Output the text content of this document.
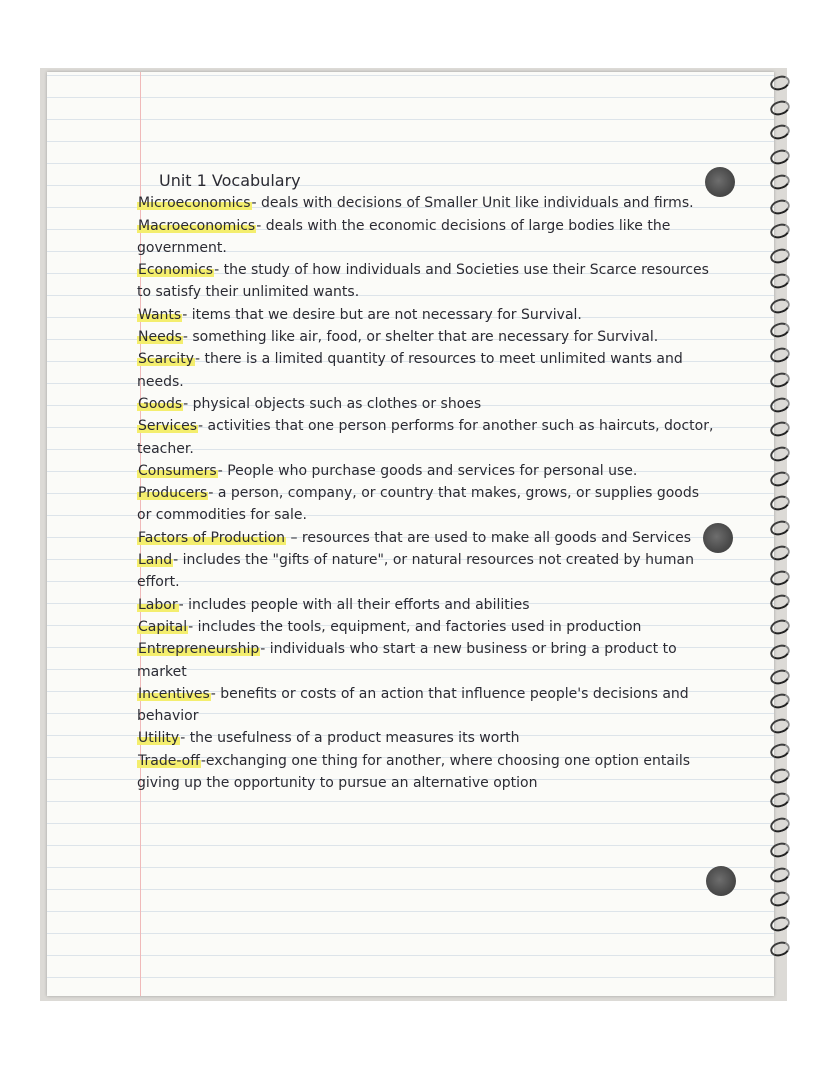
Unit 1 Vocabulary

Microeconomics- deals with decisions of Smaller Unit like individuals and firms.

Macroeconomics- deals with the economic decisions of large bodies like the government.

Economics- the study of how individuals and Societies use their Scarce resources to satisfy their unlimited wants.

Wants- items that we desire but are not necessary for Survival.

Needs- something like air, food, or shelter that are necessary for Survival.

Scarcity- there is a limited quantity of resources to meet unlimited wants and needs.

Goods- physical objects such as clothes or shoes

Services- activities that one person performs for another such as haircuts, doctor, teacher.

Consumers- People who purchase goods and services for personal use.

Producers- a person, company, or country that makes, grows, or supplies goods or commodities for sale.

Factors of Production – resources that are used to make all goods and Services

Land- includes the "gifts of nature", or natural resources not created by human effort.

Labor- includes people with all their efforts and abilities

Capital- includes the tools, equipment, and factories used in production

Entrepreneurship- individuals who start a new business or bring a product to market

Incentives- benefits or costs of an action that influence people's decisions and behavior

Utility- the usefulness of a product measures its worth

Trade-off-exchanging one thing for another, where choosing one option entails giving up the opportunity to pursue an alternative option
